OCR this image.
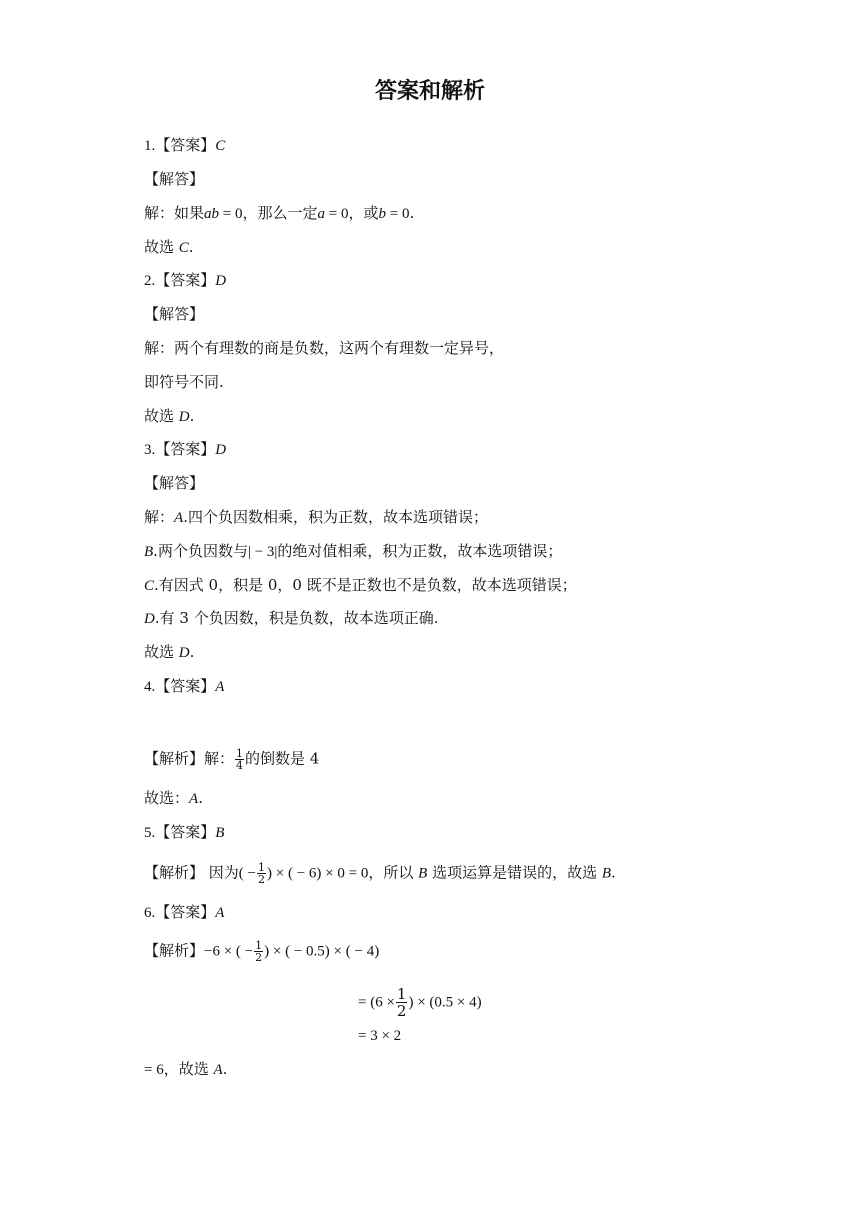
答案和解析
1.【答案】C
【解答】
解：如果ab = 0，那么一定a = 0，或b = 0.
故选 C.
2.【答案】D
【解答】
解：两个有理数的商是负数，这两个有理数一定异号，
即符号不同.
故选 D.
3.【答案】D
【解答】
解：A.四个负因数相乘，积为正数，故本选项错误；
B.两个负因数与| − 3|的绝对值相乘，积为正数，故本选项错误；
C.有因式 0，积是 0，0 既不是正数也不是负数，故本选项错误；
D.有 3 个负因数，积是负数，故本选项正确.
故选 D.
4.【答案】A
【解析】解： $\frac{1}{4}$ 的倒数是 4
故选：A.
5.【答案】B
【解析】 因为( − $\frac{1}{2}$ ) × ( − 6) × 0 = 0，所以 B 选项运算是错误的，故选 B.
6.【答案】A
【解析】−6 × ( − $\frac{1}{2}$ ) × ( − 0.5) × ( − 4)
= ($6 \times \frac{1}{2}$ ) × (0.5 × 4)
= 3 × 2
= 6，故选 A.
